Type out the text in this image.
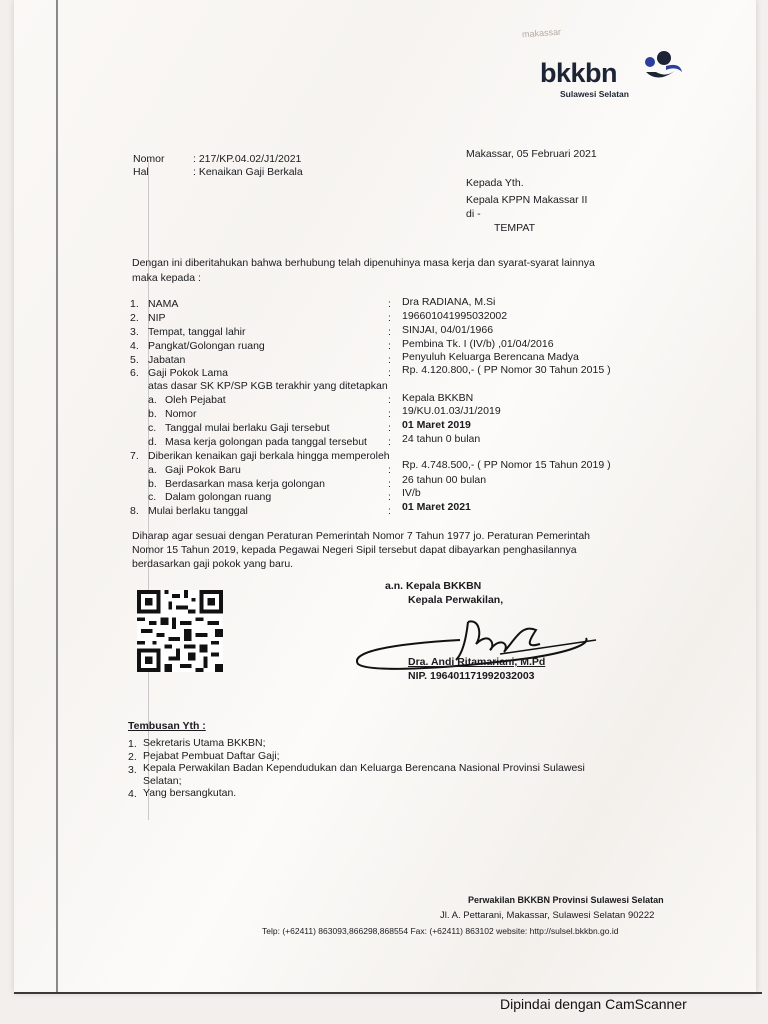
makassar
bkkbn
Sulawesi Selatan
Nomor	: 217/KP.04.02/J1/2021
Hal	: Kenaikan Gaji Berkala
Makassar, 05 Februari 2021
Kepada Yth.
Kepala KPPN Makassar II
di -
TEMPAT
Dengan ini diberitahukan bahwa berhubung telah dipenuhinya masa kerja dan syarat-syarat lainnya
maka kepada :
1. NAMA	: Dra RADIANA, M.Si
2. NIP	: 196601041995032002
3. Tempat, tanggal lahir	: SINJAI, 04/01/1966
4. Pangkat/Golongan ruang	: Pembina Tk. I (IV/b) ,01/04/2016
5. Jabatan	: Penyuluh Keluarga Berencana Madya
6. Gaji Pokok Lama	: Rp. 4.120.800,- ( PP Nomor 30 Tahun 2015 )
atas dasar SK KP/SP KGB terakhir yang ditetapkan
a. Oleh Pejabat	: Kepala BKKBN
b. Nomor	: 19/KU.01.03/J1/2019
c. Tanggal mulai berlaku Gaji tersebut	: 01 Maret 2019
d. Masa kerja golongan pada tanggal tersebut : 24 tahun 0 bulan
7. Diberikan kenaikan gaji berkala hingga memperoleh
a. Gaji Pokok Baru	: Rp. 4.748.500,- ( PP Nomor 15 Tahun 2019 )
b. Berdasarkan masa kerja golongan	: 26 tahun 00 bulan
c. Dalam golongan ruang	: IV/b
8. Mulai berlaku tanggal	: 01 Maret 2021
Diharap agar sesuai dengan Peraturan Pemerintah Nomor 7 Tahun 1977 jo. Peraturan Pemerintah
Nomor 15 Tahun 2019, kepada Pegawai Negeri Sipil tersebut dapat dibayarkan penghasilannya
berdasarkan gaji pokok yang baru.
a.n. Kepala BKKBN
Kepala Perwakilan,
Dra. Andi Ritamariani, M.Pd
NIP. 196401171992032003
Tembusan Yth :
1. Sekretaris Utama BKKBN;
2. Pejabat Pembuat Daftar Gaji;
3. Kepala Perwakilan Badan Kependudukan dan Keluarga Berencana Nasional Provinsi Sulawesi
Selatan;
4. Yang bersangkutan.
Perwakilan BKKBN Provinsi Sulawesi Selatan
Jl. A. Pettarani, Makassar, Sulawesi Selatan 90222
Telp: (+62411) 863093,866298,868554 Fax: (+62411) 863102 website: http://sulsel.bkkbn.go.id
Dipindai dengan CamScanner
